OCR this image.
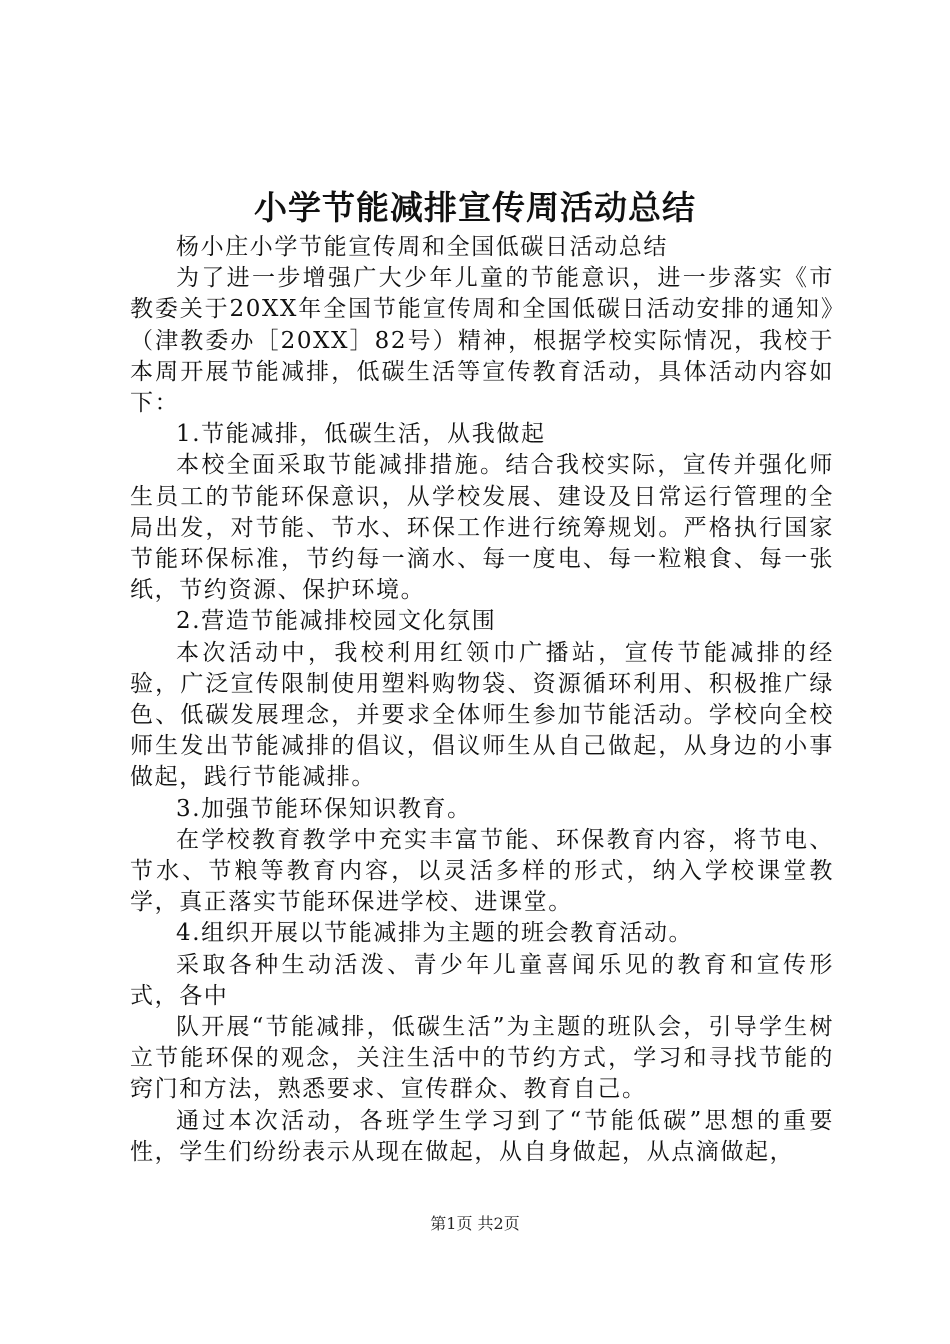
小学节能减排宣传周活动总结

杨小庄小学节能宣传周和全国低碳日活动总结

为了进一步增强广大少年儿童的节能意识，进一步落实《市教委关于20XX年全国节能宣传周和全国低碳日活动安排的通知》（津教委办［20XX］82号）精神，根据学校实际情况，我校于本周开展节能减排，低碳生活等宣传教育活动，具体活动内容如下：

1.节能减排，低碳生活，从我做起

本校全面采取节能减排措施。结合我校实际，宣传并强化师生员工的节能环保意识，从学校发展、建设及日常运行管理的全局出发，对节能、节水、环保工作进行统筹规划。严格执行国家节能环保标准，节约每一滴水、每一度电、每一粒粮食、每一张纸，节约资源、保护环境。

2.营造节能减排校园文化氛围

本次活动中，我校利用红领巾广播站，宣传节能减排的经验，广泛宣传限制使用塑料购物袋、资源循环利用、积极推广绿色、低碳发展理念，并要求全体师生参加节能活动。学校向全校师生发出节能减排的倡议，倡议师生从自己做起，从身边的小事做起，践行节能减排。

3.加强节能环保知识教育。

在学校教育教学中充实丰富节能、环保教育内容，将节电、节水、节粮等教育内容，以灵活多样的形式，纳入学校课堂教学，真正落实节能环保进学校、进课堂。

4.组织开展以节能减排为主题的班会教育活动。

采取各种生动活泼、青少年儿童喜闻乐见的教育和宣传形式，各中

队开展“节能减排，低碳生活”为主题的班队会，引导学生树立节能环保的观念，关注生活中的节约方式，学习和寻找节能的窍门和方法，熟悉要求、宣传群众、教育自己。

通过本次活动，各班学生学习到了“节能低碳”思想的重要性，学生们纷纷表示从现在做起，从自身做起，从点滴做起，

第1页 共2页
